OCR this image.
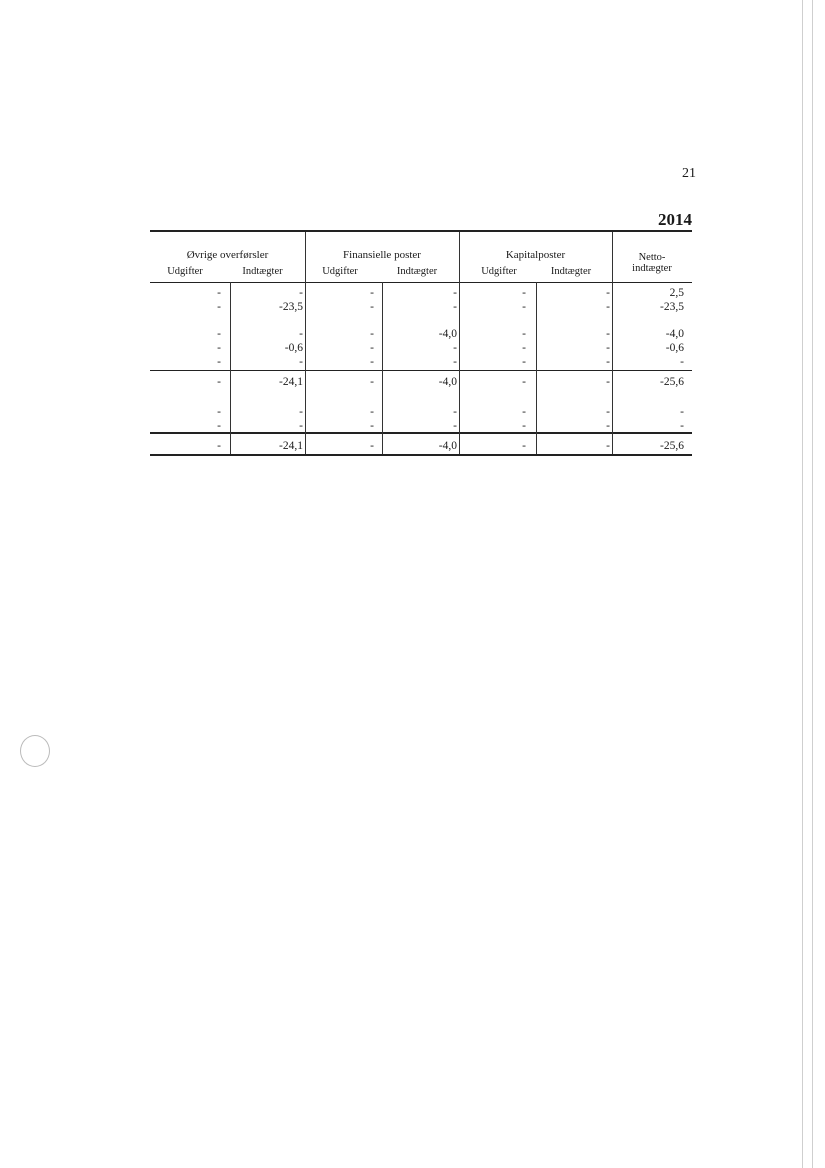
21
2014
Øvrige overførsler	Finansielle poster	Kapitalposter
Udgifter	Indtægter	Udgifter	Indtægter	Udgifter	Indtægter
Netto-
indtægter
-	-	-	-	-	-	2,5
-	-23,5	-	-	-	-	-23,5
-	-	-	-4,0	-	-	-4,0
-	-0,6	-	-	-	-	-0,6
-	-	-	-	-	-	-
-	-24,1	-	-4,0	-	-	-25,6
-	-	-	-	-	-	-
-	-	-	-	-	-	-
-	-24,1	-	-4,0	-	-	-25,6
